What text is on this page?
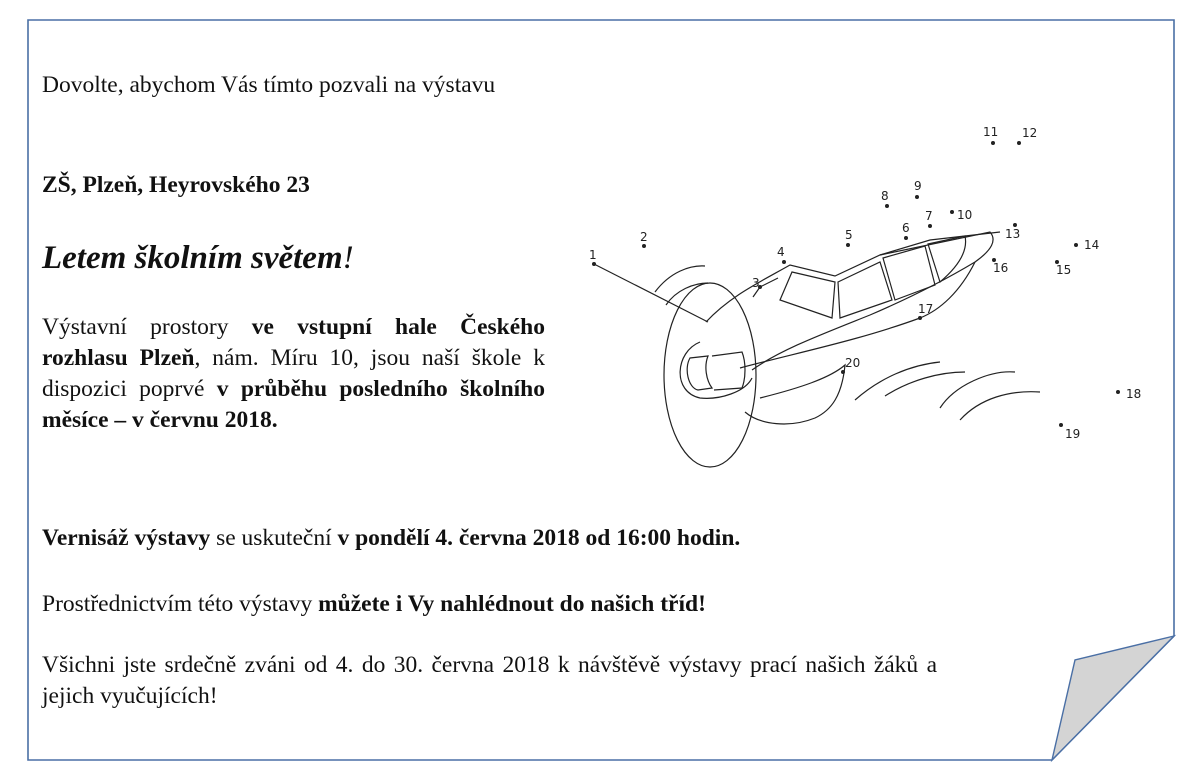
1
2
3
4
5	6
7
8
9
10
11 12
13
14
15
16
17
18
19
20
Dovolte, abychom Vás tímto pozvali na výstavu
ZŠ, Plzeň, Heyrovského 23
Letem školním světem!
Výstavní prostory ve vstupní hale Českého rozhlasu Plzeň, nám. Míru 10, jsou naší škole k dispozici poprvé v průběhu posledního školního měsíce – v červnu 2018.
Vernisáž výstavy se uskuteční v pondělí 4. června 2018 od 16:00 hodin.
Prostřednictvím této výstavy můžete i Vy nahlédnout do našich tříd!
Všichni jste srdečně zváni od 4. do 30. června 2018 k návštěvě výstavy prací našich žáků a jejich vyučujících!
